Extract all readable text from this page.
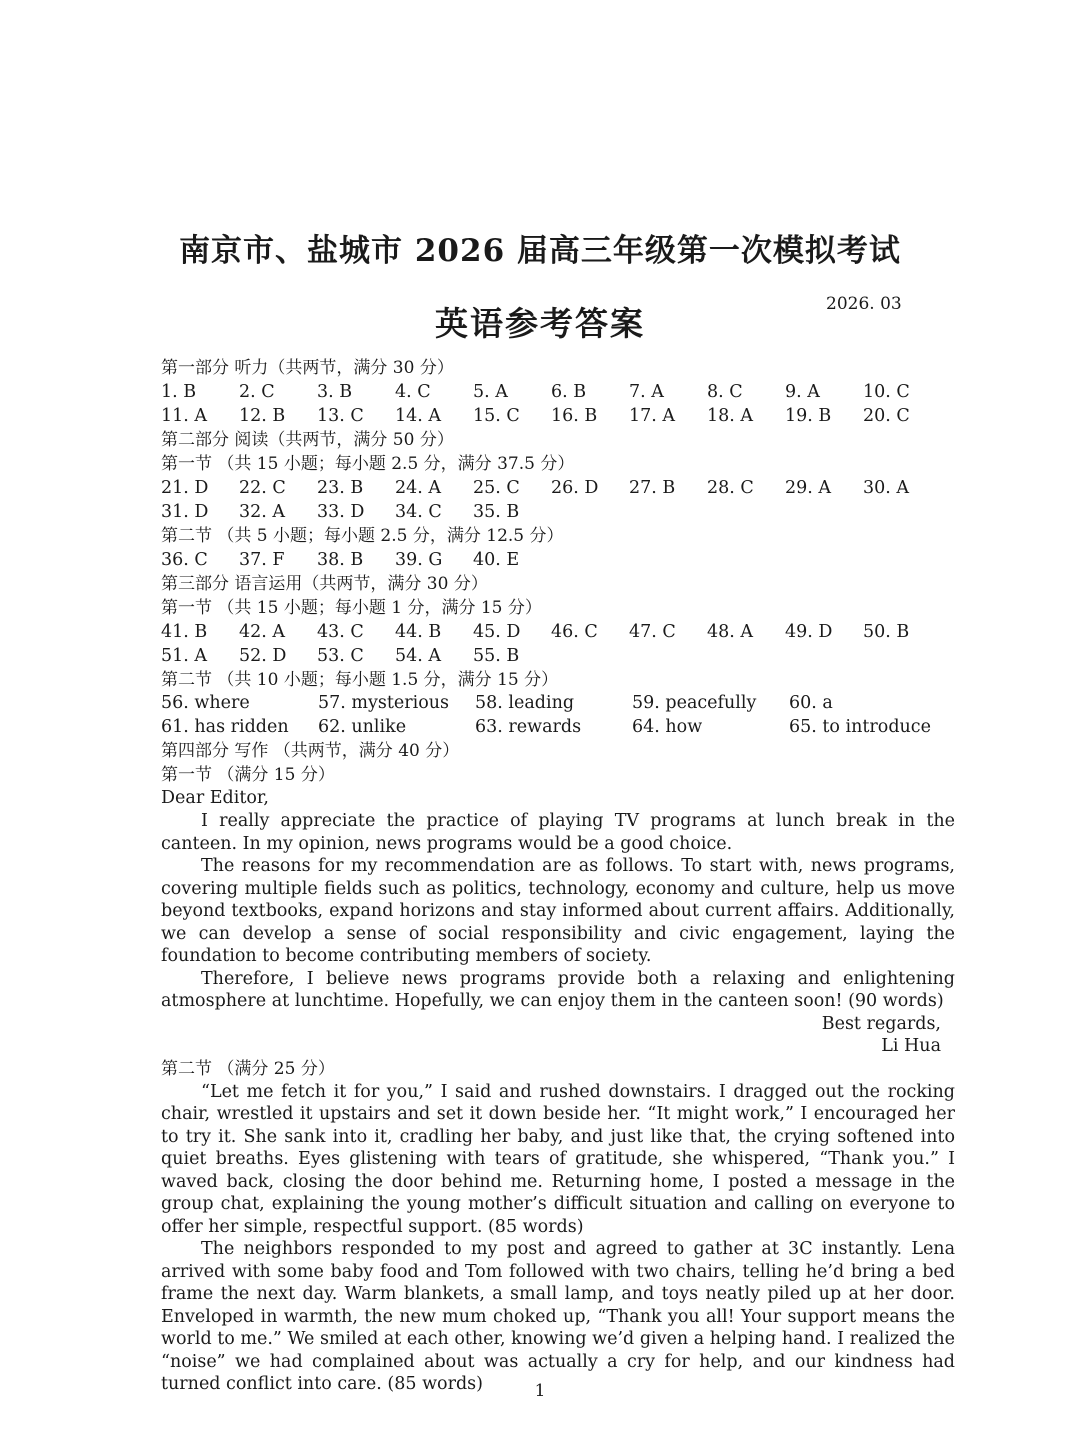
南京市、盐城市 2026 届高三年级第一次模拟考试
英语参考答案	2026. 03
第一部分 听力（共两节，满分 30 分）
1. B	2. C	3. B	4. C	5. A	6. B	7. A	8. C	9. A	10. C
11. A	12. B	13. C	14. A	15. C	16. B	17. A	18. A	19. B	20. C
第二部分 阅读（共两节，满分 50 分）
第一节 （共 15 小题；每小题 2.5 分，满分 37.5 分）
21. D	22. C	23. B	24. A	25. C	26. D	27. B	28. C	29. A	30. A
31. D	32. A	33. D	34. C	35. B
第二节 （共 5 小题；每小题 2.5 分，满分 12.5 分）
36. C	37. F	38. B	39. G	40. E
第三部分 语言运用（共两节，满分 30 分）
第一节 （共 15 小题；每小题 1 分，满分 15 分）
41. B	42. A	43. C	44. B	45. D	46. C	47. C	48. A	49. D	50. B
51. A	52. D	53. C	54. A	55. B
第二节 （共 10 小题；每小题 1.5 分，满分 15 分）
56. where	57. mysterious	58. leading	59. peacefully	60. a
61. has ridden	62. unlike	63. rewards	64. how	65. to introduce
第四部分 写作 （共两节，满分 40 分）
第一节 （满分 15 分）
Dear Editor,

I really appreciate the practice of playing TV programs at lunch break in the canteen. In my opinion, news programs would be a good choice.

The reasons for my recommendation are as follows. To start with, news programs, covering multiple fields such as politics, technology, economy and culture, help us move beyond textbooks, expand horizons and stay informed about current affairs. Additionally, we can develop a sense of social responsibility and civic engagement, laying the foundation to become contributing members of society.

Therefore, I believe news programs provide both a relaxing and enlightening atmosphere at lunchtime. Hopefully, we can enjoy them in the canteen soon! (90 words)

Best regards,
Li Hua
第二节 （满分 25 分）

“Let me fetch it for you,” I said and rushed downstairs. I dragged out the rocking chair, wrestled it upstairs and set it down beside her. “It might work,” I encouraged her to try it. She sank into it, cradling her baby, and just like that, the crying softened into quiet breaths. Eyes glistening with tears of gratitude, she whispered, “Thank you.” I waved back, closing the door behind me. Returning home, I posted a message in the group chat, explaining the young mother’s difficult situation and calling on everyone to offer her simple, respectful support. (85 words)

The neighbors responded to my post and agreed to gather at 3C instantly. Lena arrived with some baby food and Tom followed with two chairs, telling he’d bring a bed frame the next day. Warm blankets, a small lamp, and toys neatly piled up at her door. Enveloped in warmth, the new mum choked up, “Thank you all! Your support means the world to me.” We smiled at each other, knowing we’d given a helping hand. I realized the “noise” we had complained about was actually a cry for help, and our kindness had turned conflict into care. (85 words)	1
